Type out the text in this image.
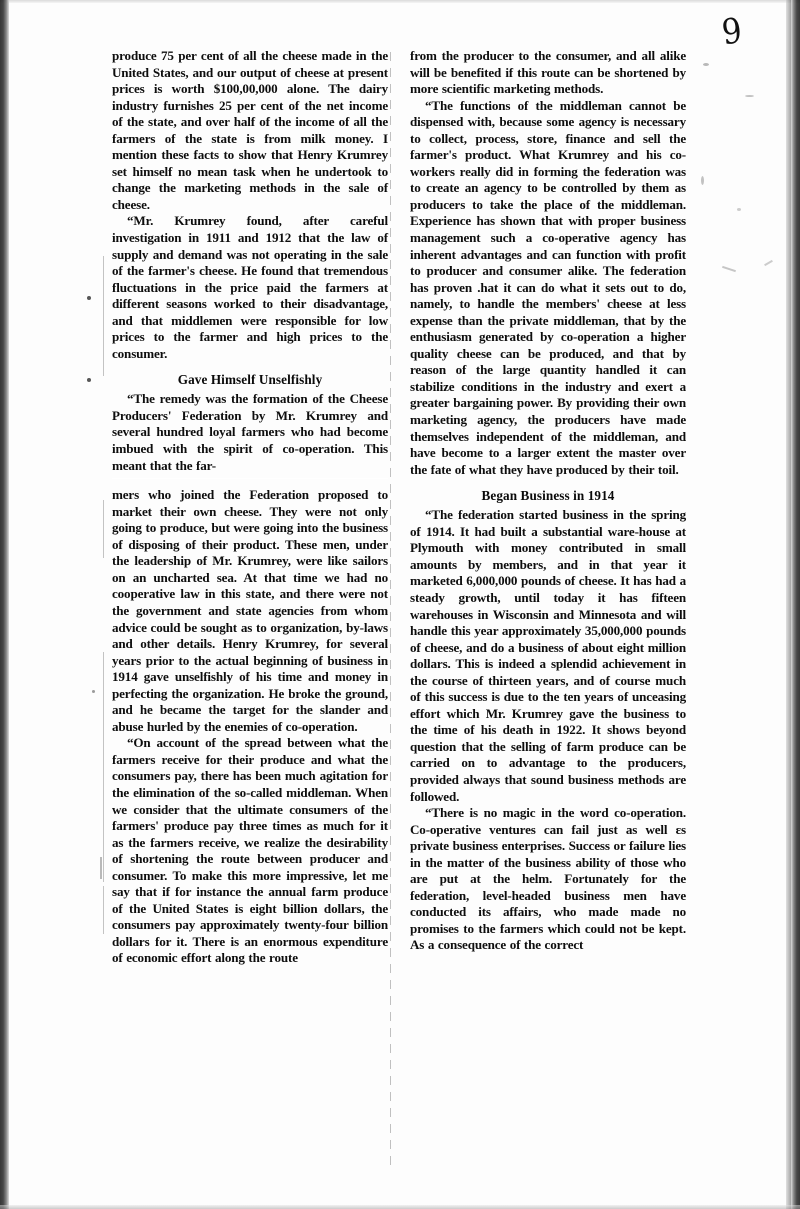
9

produce 75 per cent of all the cheese made in the United States, and our output of cheese at present prices is worth $100,00,000 alone. The dairy industry furnishes 25 per cent of the net income of the state, and over half of the income of all the farmers of the state is from milk money. I mention these facts to show that Henry Krumrey set himself no mean task when he undertook to change the marketing methods in the sale of cheese.

“Mr. Krumrey found, after careful investigation in 1911 and 1912 that the law of supply and demand was not operating in the sale of the farmer's cheese. He found that tremendous fluctuations in the price paid the farmers at different seasons worked to their disadvantage, and that middlemen were responsible for low prices to the farmer and high prices to the consumer.

Gave Himself Unselfishly

“The remedy was the formation of the Cheese Producers' Federation by Mr. Krumrey and several hundred loyal farmers who had become imbued with the spirit of co-operation. This meant that the far-

mers who joined the Federation proposed to market their own cheese. They were not only going to produce, but were going into the business of disposing of their product. These men, under the leadership of Mr. Krumrey, were like sailors on an uncharted sea. At that time we had no cooperative law in this state, and there were not the government and state agencies from whom advice could be sought as to organization, by-laws and other details. Henry Krumrey, for several years prior to the actual beginning of business in 1914 gave unselfishly of his time and money in perfecting the organization. He broke the ground, and he became the target for the slander and abuse hurled by the enemies of co-operation.

“On account of the spread between what the farmers receive for their produce and what the consumers pay, there has been much agitation for the elimination of the so-called middleman. When we consider that the ultimate consumers of the farmers' produce pay three times as much for it as the farmers receive, we realize the desirability of shortening the route between producer and consumer. To make this more impressive, let me say that if for instance the annual farm produce of the United States is eight billion dollars, the consumers pay approximately twenty-four billion dollars for it. There is an enormous expenditure of economic effort along the route

from the producer to the consumer, and all alike will be benefited if this route can be shortened by more scientific marketing methods.

“The functions of the middleman cannot be dispensed with, because some agency is necessary to collect, process, store, finance and sell the farmer's product. What Krumrey and his co-workers really did in forming the federation was to create an agency to be controlled by them as producers to take the place of the middleman. Experience has shown that with proper business management such a co-operative agency has inherent advantages and can function with profit to producer and consumer alike. The federation has proven .hat it can do what it sets out to do, namely, to handle the members' cheese at less expense than the private middleman, that by the enthusiasm generated by co-operation a higher quality cheese can be produced, and that by reason of the large quantity handled it can stabilize conditions in the industry and exert a greater bargaining power. By providing their own marketing agency, the producers have made themselves independent of the middleman, and have become to a larger extent the master over the fate of what they have produced by their toil.

Began Business in 1914

“The federation started business in the spring of 1914. It had built a substantial ware-house at Plymouth with money contributed in small amounts by members, and in that year it marketed 6,000,000 pounds of cheese. It has had a steady growth, until today it has fifteen warehouses in Wisconsin and Minnesota and will handle this year approximately 35,000,000 pounds of cheese, and do a business of about eight million dollars. This is indeed a splendid achievement in the course of thirteen years, and of course much of this success is due to the ten years of unceasing effort which Mr. Krumrey gave the business to the time of his death in 1922. It shows beyond question that the selling of farm produce can be carried on to advantage to the producers, provided always that sound business methods are followed.

“There is no magic in the word co-operation. Co-operative ventures can fail just as well ɛs private business enterprises. Success or failure lies in the matter of the business ability of those who are put at the helm. Fortunately for the federation, level-headed business men have conducted its affairs, who made made no promises to the farmers which could not be kept. As a consequence of the correct
